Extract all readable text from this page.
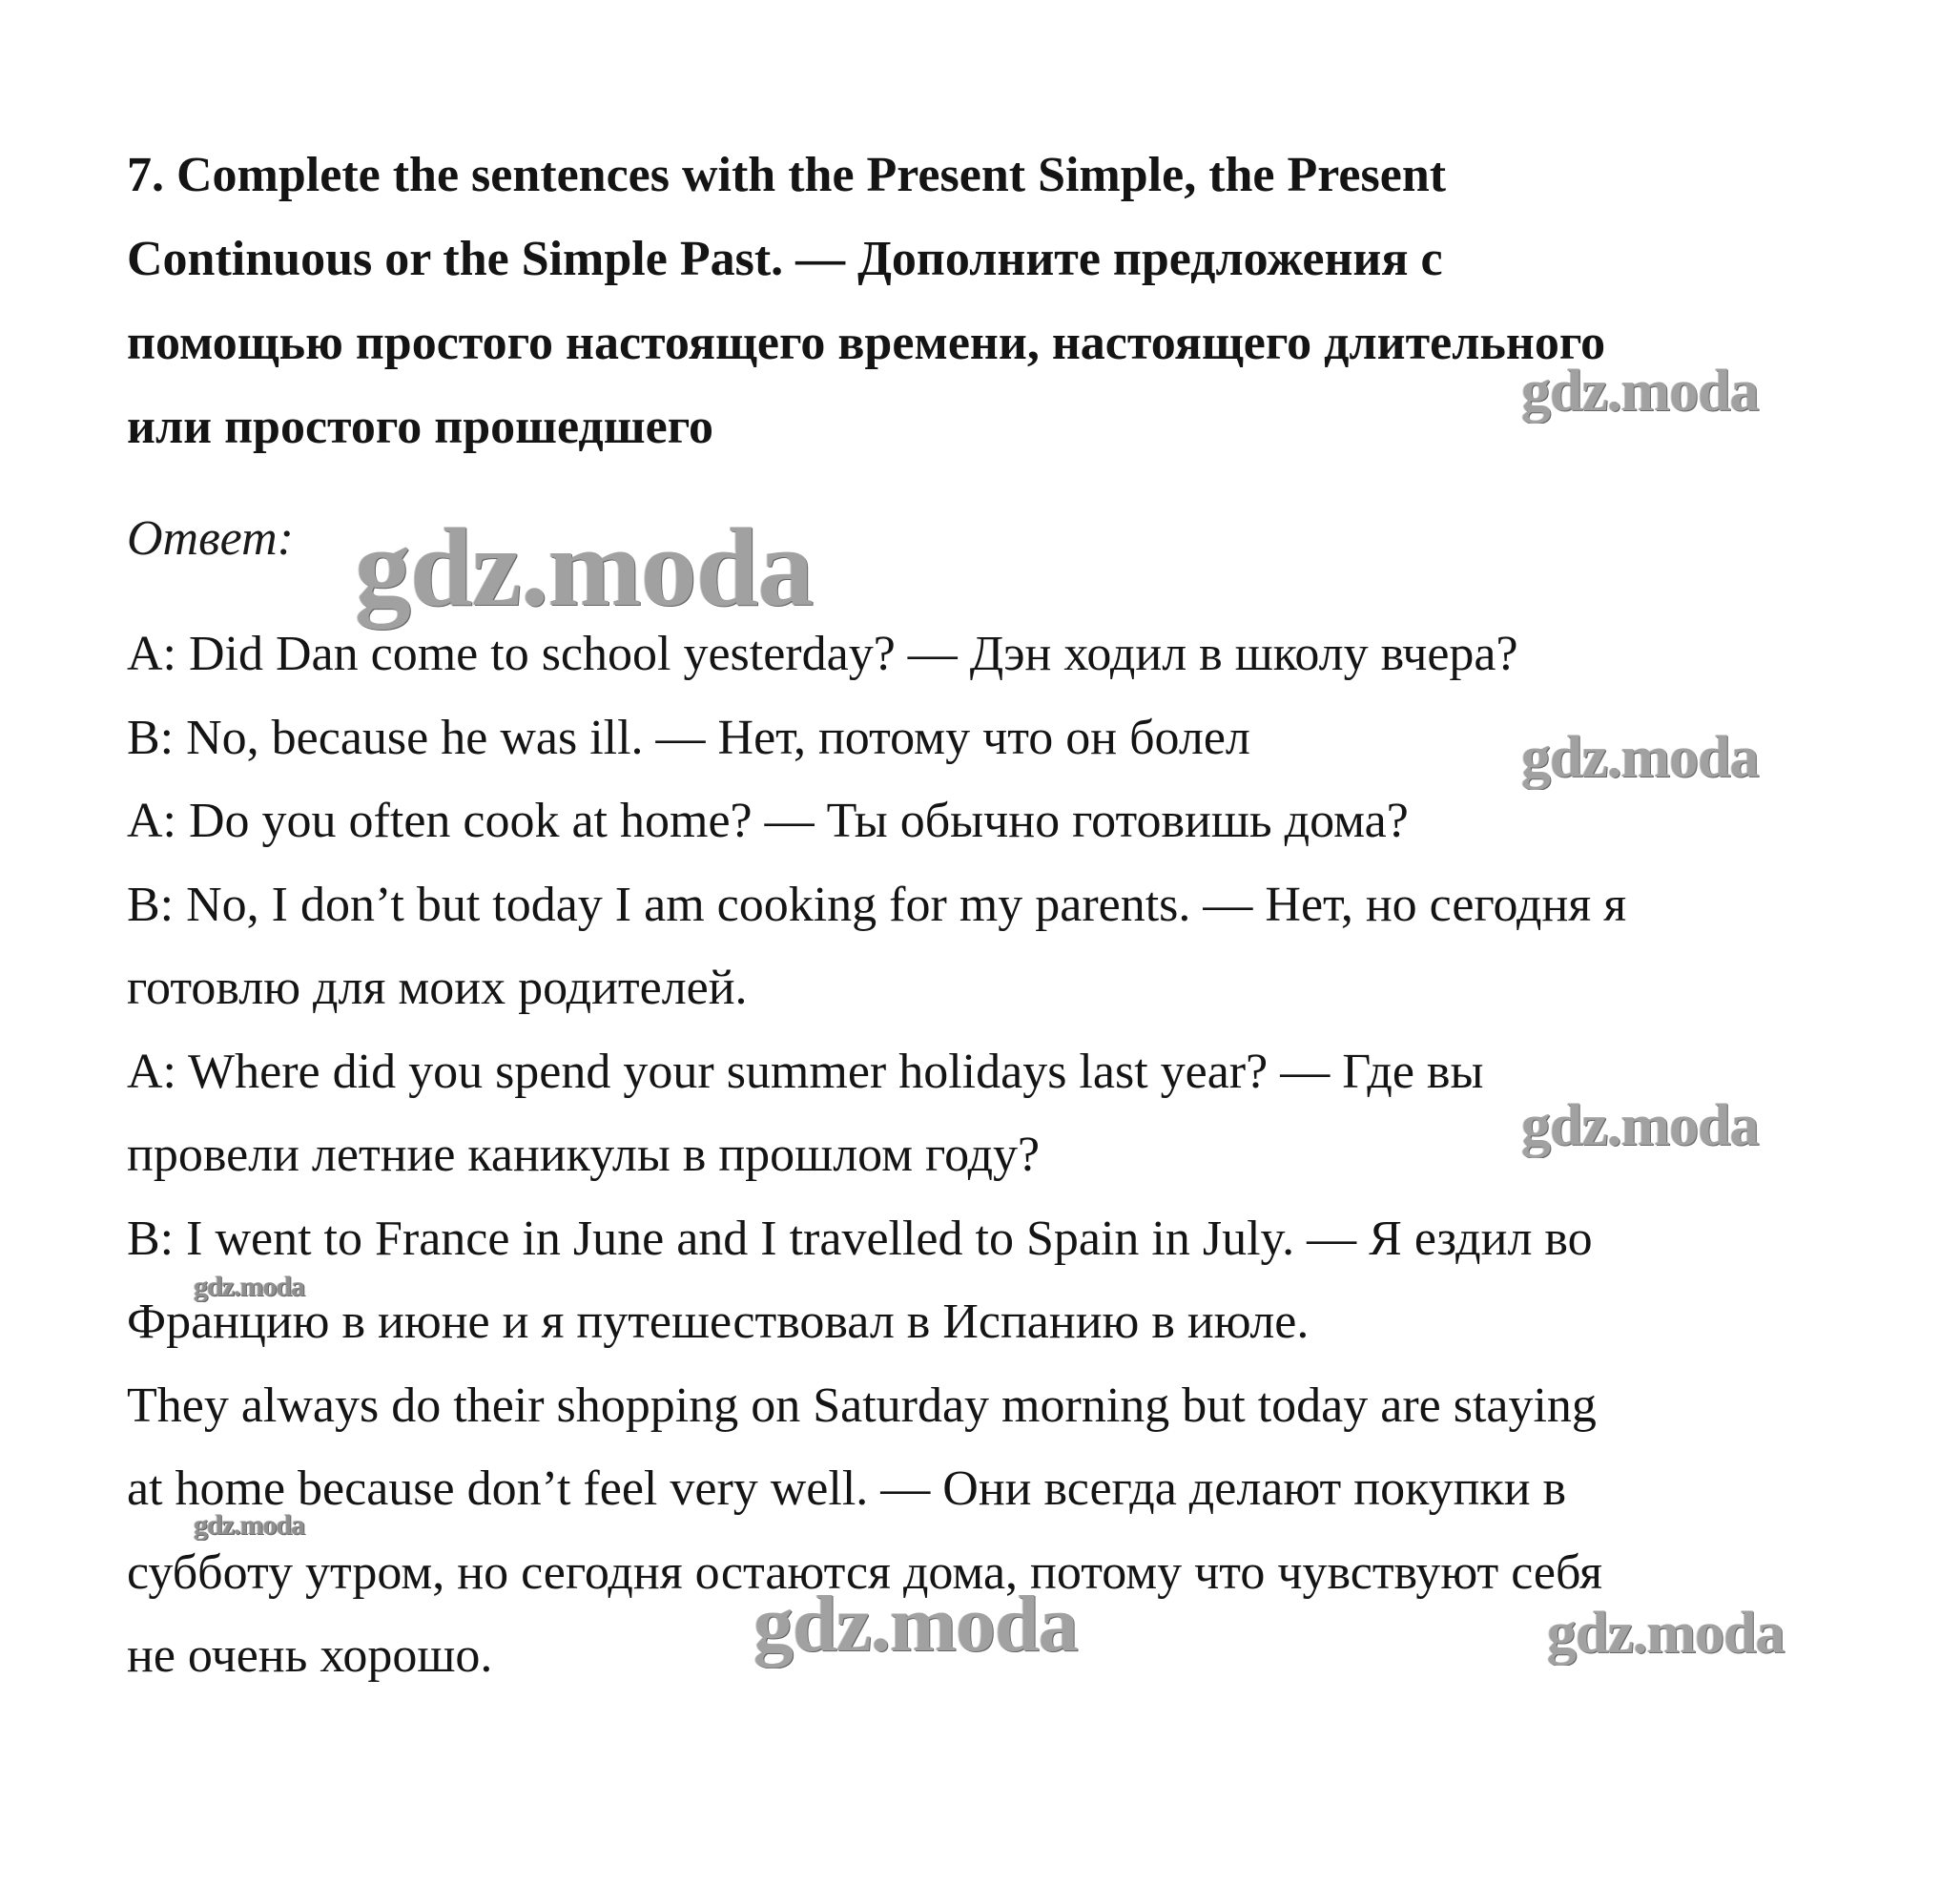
7. Complete the sentences with the Present Simple, the Present
Continuous or the Simple Past. — Дополните предложения с
помощью простого настоящего времени, настоящего длительного
или простого прошедшего
Ответ:
A: Did Dan come to school yesterday? — Дэн ходил в школу вчера?
B: No, because he was ill. — Нет, потому что он болел
A: Do you often cook at home? — Ты обычно готовишь дома?
B: No, I don’t but today I am cooking for my parents. — Нет, но сегодня я
готовлю для моих родителей.
A: Where did you spend your summer holidays last year? — Где вы
провели летние каникулы в прошлом году?
B: I went to France in June and I travelled to Spain in July. — Я ездил во
Францию в июне и я путешествовал в Испанию в июле.
They always do their shopping on Saturday morning but today are staying
at home because don’t feel very well. — Они всегда делают покупки в
субботу утром, но сегодня остаются дома, потому что чувствуют себя
не очень хорошо.
gdz.moda
gdz.moda
gdz.moda
gdz.moda
gdz.moda
gdz.moda
gdz.moda	gdz.moda
